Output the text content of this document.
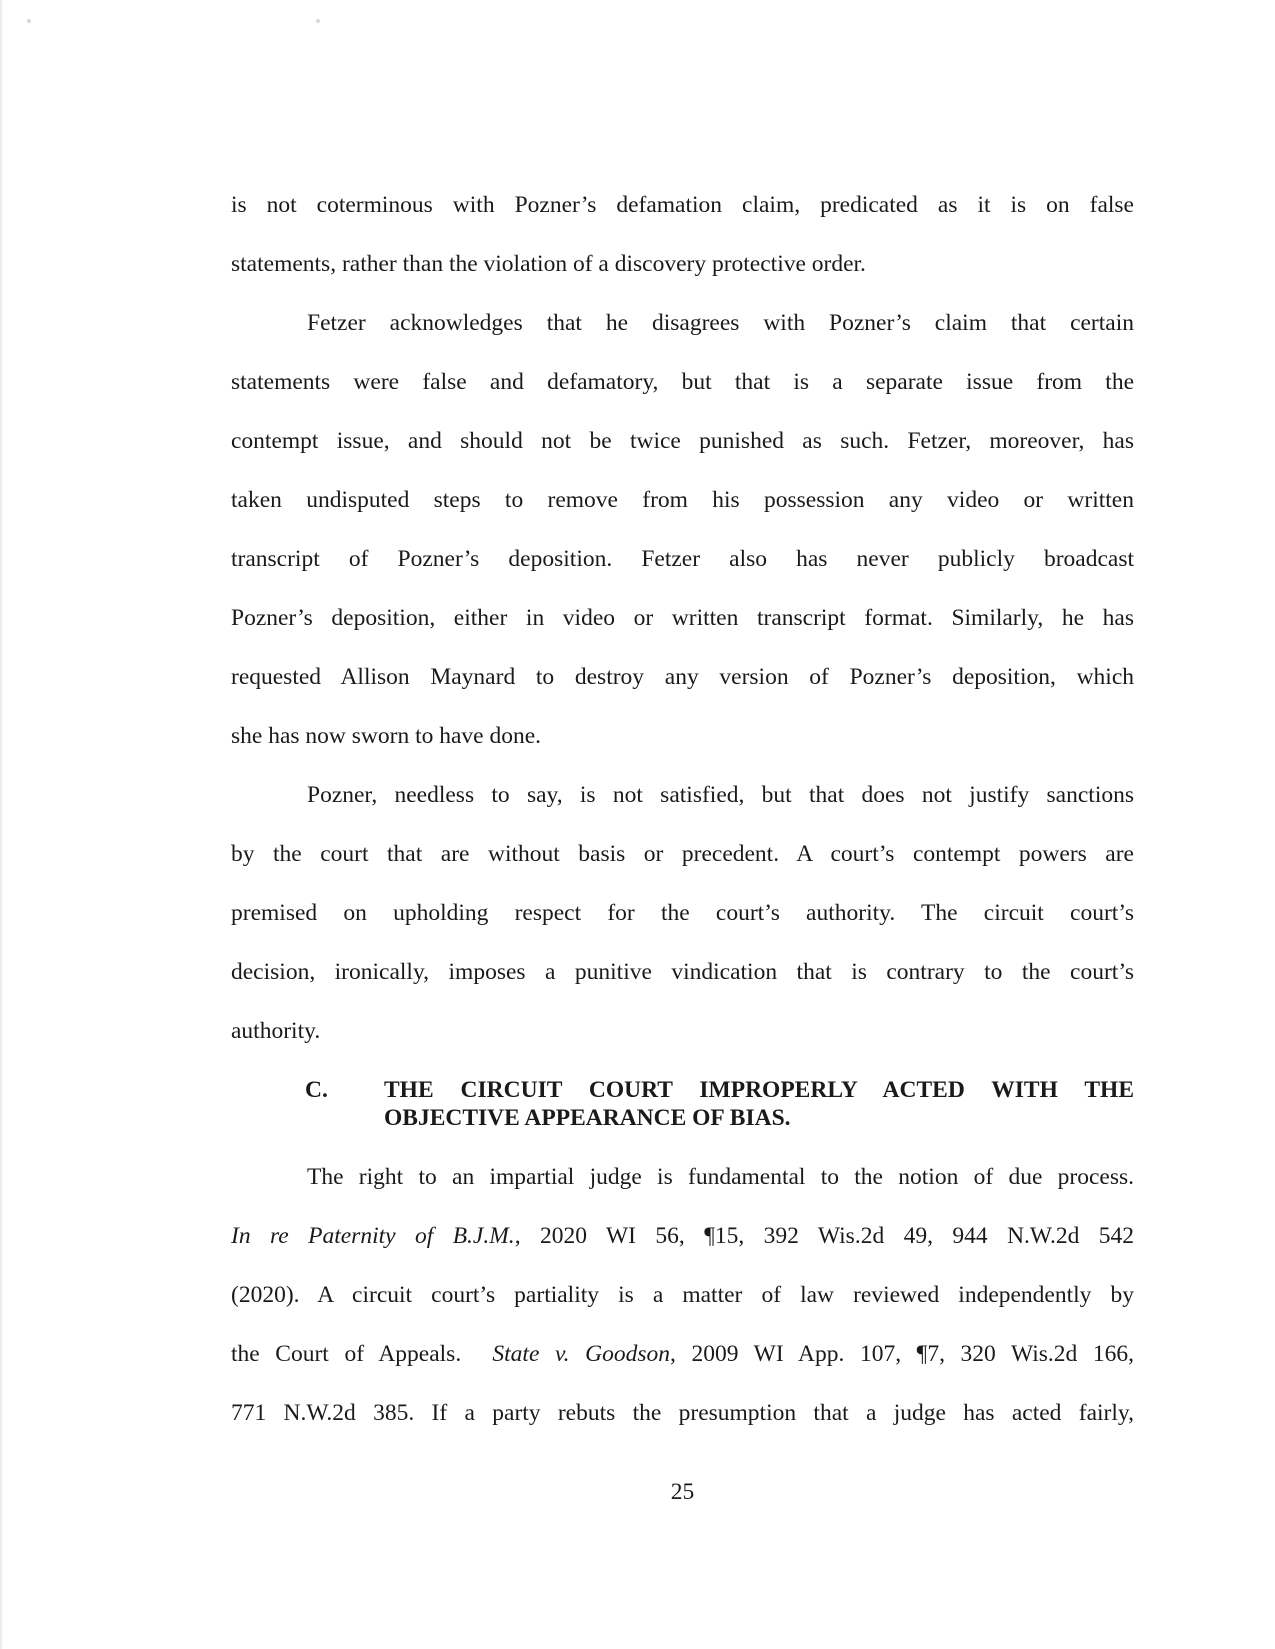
is not coterminous with Pozner’s defamation claim, predicated as it is on false
statements, rather than the violation of a discovery protective order.
Fetzer acknowledges that he disagrees with Pozner’s claim that certain
statements were false and defamatory, but that is a separate issue from the
contempt issue, and should not be twice punished as such. Fetzer, moreover, has
taken undisputed steps to remove from his possession any video or written
transcript of Pozner’s deposition. Fetzer also has never publicly broadcast
Pozner’s deposition, either in video or written transcript format. Similarly, he has
requested Allison Maynard to destroy any version of Pozner’s deposition, which
she has now sworn to have done.
Pozner, needless to say, is not satisfied, but that does not justify sanctions
by the court that are without basis or precedent. A court’s contempt powers are
premised on upholding respect for the court’s authority. The circuit court’s
decision, ironically, imposes a punitive vindication that is contrary to the court’s
authority.
C. THE CIRCUIT COURT IMPROPERLY ACTED WITH THE
OBJECTIVE APPEARANCE OF BIAS.
The right to an impartial judge is fundamental to the notion of due process.
In re Paternity of B.J.M., 2020 WI 56, ¶15, 392 Wis.2d 49, 944 N.W.2d 542
(2020). A circuit court’s partiality is a matter of law reviewed independently by
the Court of Appeals.  State v. Goodson, 2009 WI App. 107, ¶7, 320 Wis.2d 166,
771 N.W.2d 385. If a party rebuts the presumption that a judge has acted fairly,
25
